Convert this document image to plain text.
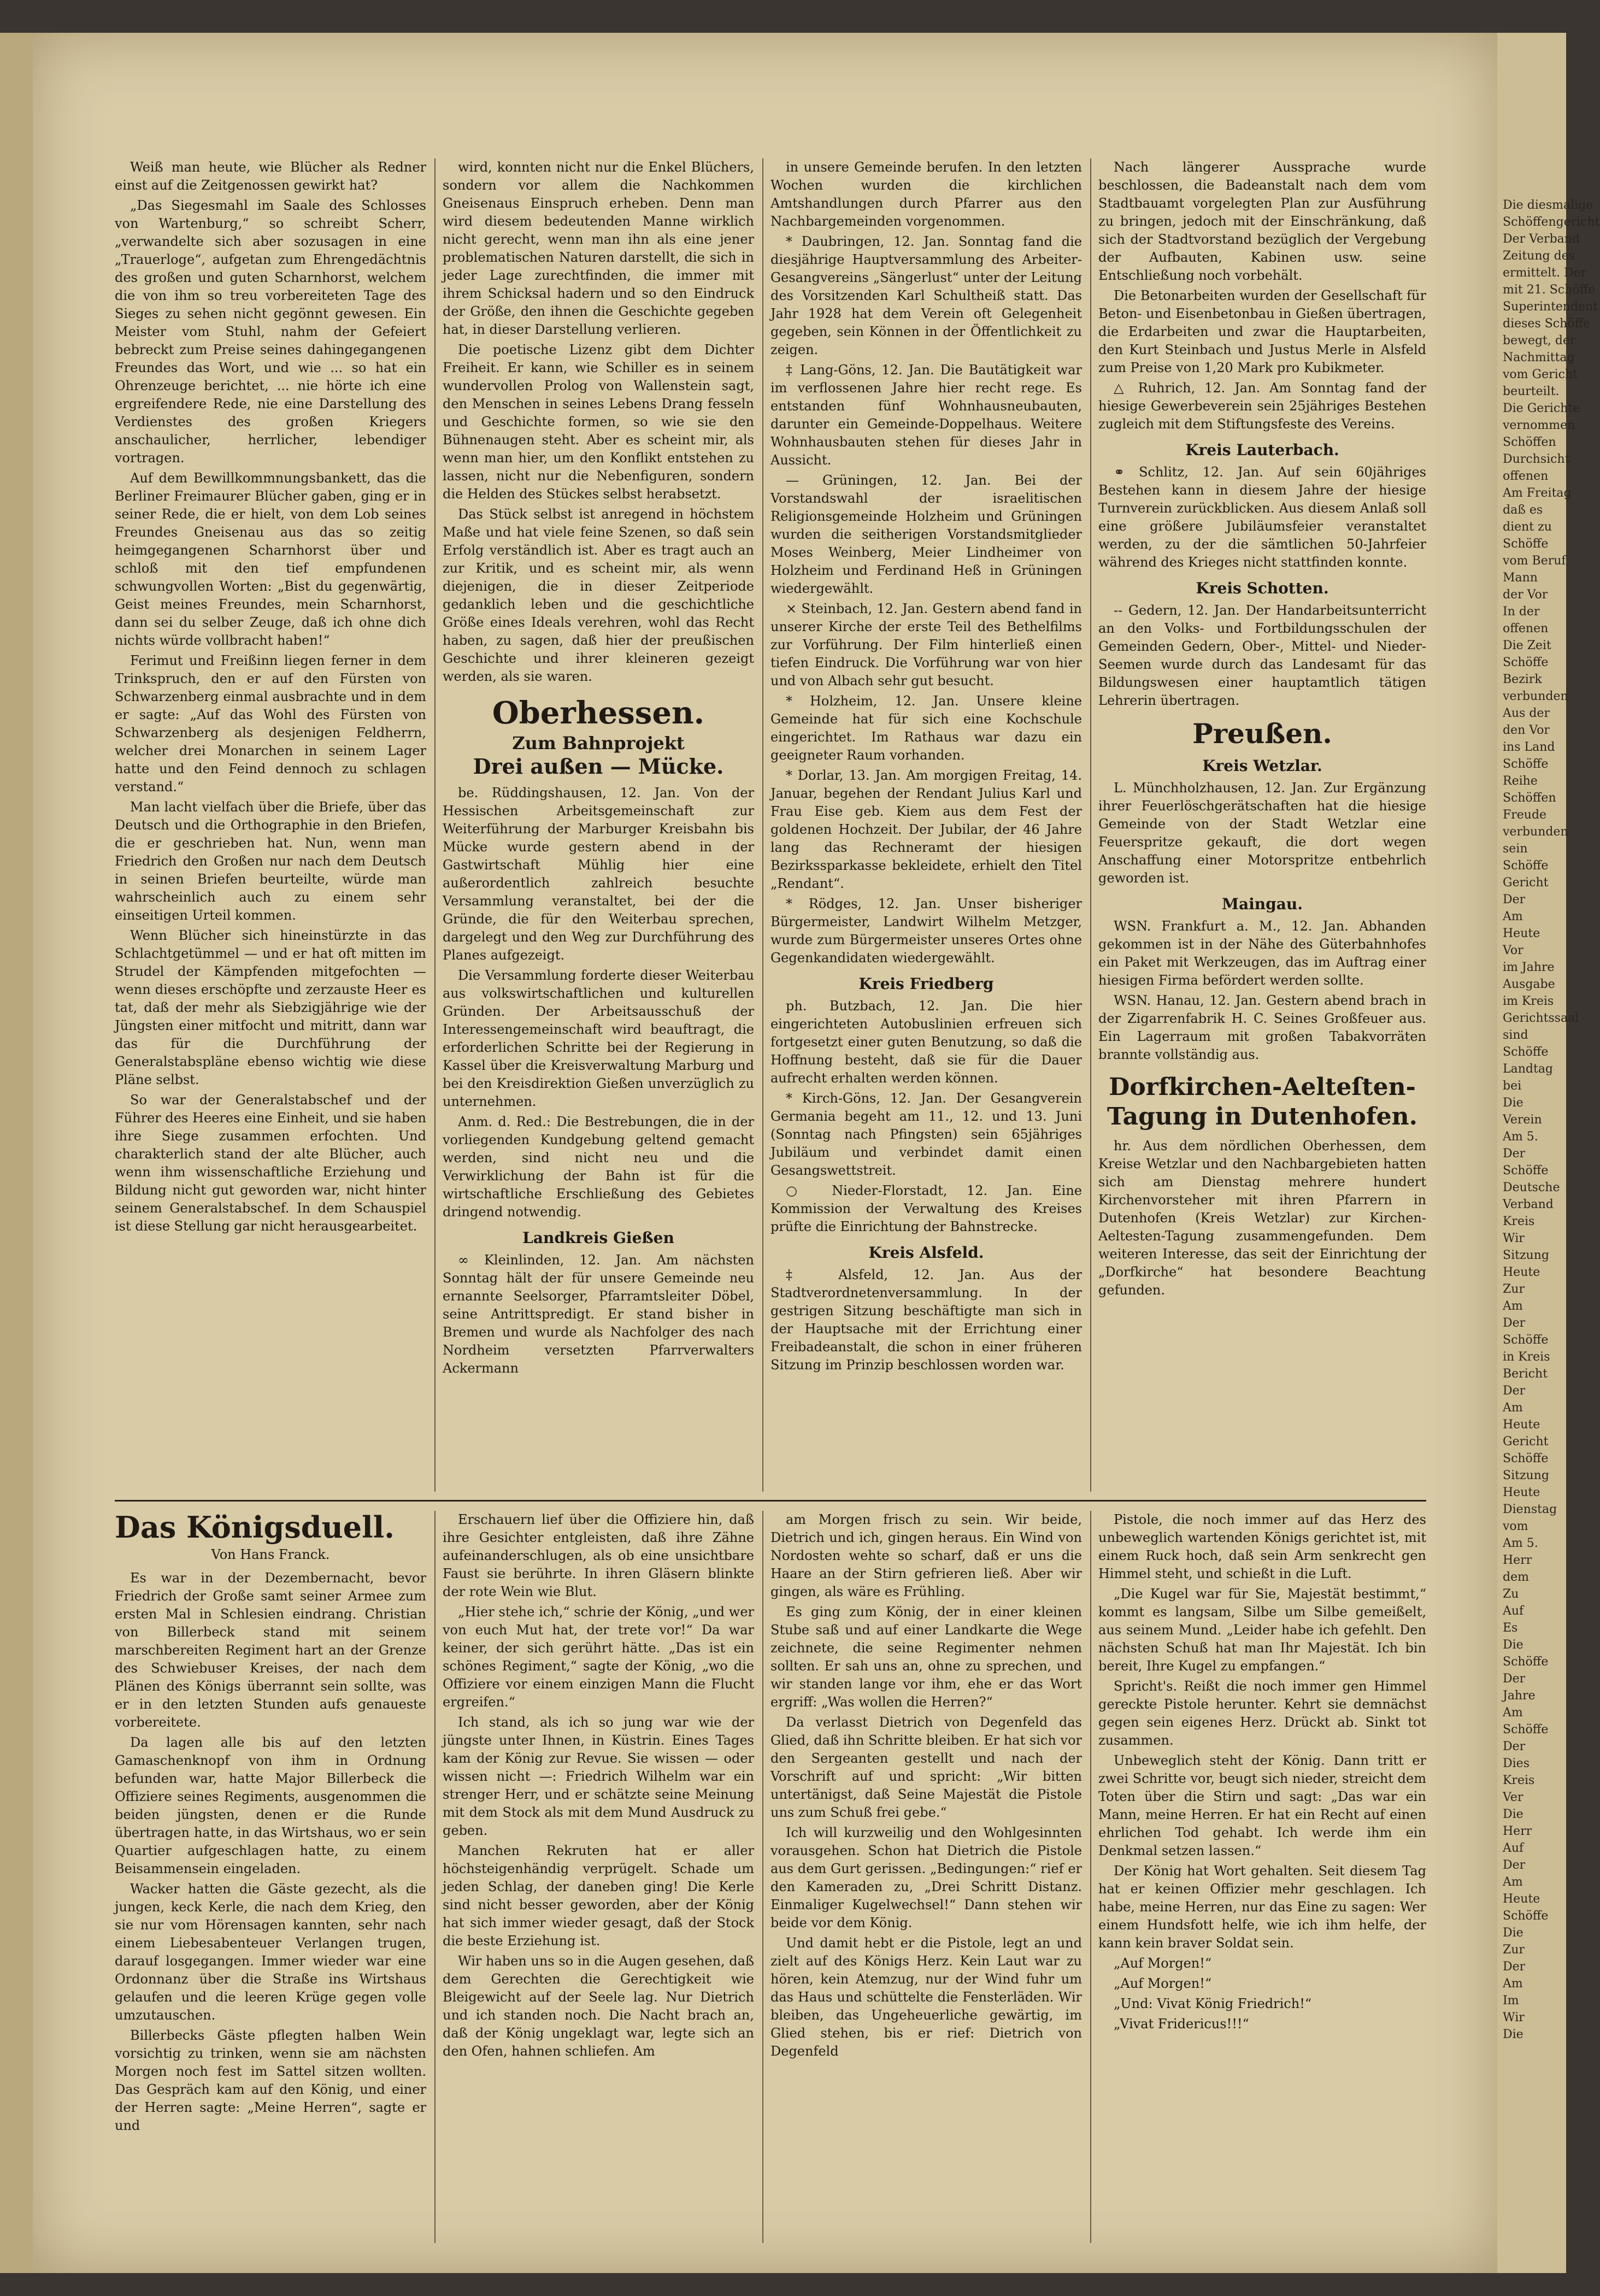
Weiß man heute, wie Blücher als Redner einst auf die Zeitgenossen gewirkt hat?

„Das Siegesmahl im Saale des Schlosses von Wartenburg,“ so schreibt Scherr, „verwandelte sich aber sozusagen in eine „Trauerloge“, aufgetan zum Ehrengedächtnis des großen und guten Scharnhorst, welchem die von ihm so treu vorbereiteten Tage des Sieges zu sehen nicht gegönnt gewesen. Ein Meister vom Stuhl, nahm der Gefeiert bebreckt zum Preise seines dahingegangenen Freundes das Wort, und wie ... so hat ein Ohrenzeuge berichtet, ... nie hörte ich eine ergreifendere Rede, nie eine Darstellung des Verdienstes des großen Kriegers anschaulicher, herrlicher, lebendiger vortragen.

Auf dem Bewillkommnungsbankett, das die Berliner Freimaurer Blücher gaben, ging er in seiner Rede, die er hielt, von dem Lob seines Freundes Gneisenau aus das so zeitig heimgegangenen Scharnhorst über und schloß mit den tief empfundenen schwungvollen Worten: „Bist du gegenwärtig, Geist meines Freundes, mein Scharnhorst, dann sei du selber Zeuge, daß ich ohne dich nichts würde vollbracht haben!“

Ferimut und Freißinn liegen ferner in dem Trinkspruch, den er auf den Fürsten von Schwarzenberg einmal ausbrachte und in dem er sagte: „Auf das Wohl des Fürsten von Schwarzenberg als desjenigen Feldherrn, welcher drei Monarchen in seinem Lager hatte und den Feind dennoch zu schlagen verstand.“

Man lacht vielfach über die Briefe, über das Deutsch und die Orthographie in den Briefen, die er geschrieben hat. Nun, wenn man Friedrich den Großen nur nach dem Deutsch in seinen Briefen beurteilte, würde man wahrscheinlich auch zu einem sehr einseitigen Urteil kommen.

Wenn Blücher sich hineinstürzte in das Schlachtgetümmel — und er hat oft mitten im Strudel der Kämpfenden mitgefochten — wenn dieses erschöpfte und zerzauste Heer es tat, daß der mehr als Siebzigjährige wie der Jüngsten einer mitfocht und mitritt, dann war das für die Durchführung der Generalstabspläne ebenso wichtig wie diese Pläne selbst.

So war der Generalstabschef und der Führer des Heeres eine Einheit, und sie haben ihre Siege zusammen erfochten. Und charakterlich stand der alte Blücher, auch wenn ihm wissenschaftliche Erziehung und Bildung nicht gut geworden war, nicht hinter seinem Generalstabschef. In dem Schauspiel ist diese Stellung gar nicht herausgearbeitet.

wird, konnten nicht nur die Enkel Blüchers, sondern vor allem die Nachkommen Gneisenaus Einspruch erheben. Denn man wird diesem bedeutenden Manne wirklich nicht gerecht, wenn man ihn als eine jener problematischen Naturen darstellt, die sich in jeder Lage zurechtfinden, die immer mit ihrem Schicksal hadern und so den Eindruck der Größe, den ihnen die Geschichte gegeben hat, in dieser Darstellung verlieren.

Die poetische Lizenz gibt dem Dichter Freiheit. Er kann, wie Schiller es in seinem wundervollen Prolog von Wallenstein sagt, den Menschen in seines Lebens Drang fesseln und Geschichte formen, so wie sie den Bühnenaugen steht. Aber es scheint mir, als wenn man hier, um den Konflikt entstehen zu lassen, nicht nur die Nebenfiguren, sondern die Helden des Stückes selbst herabsetzt.

Das Stück selbst ist anregend in höchstem Maße und hat viele feine Szenen, so daß sein Erfolg verständlich ist. Aber es tragt auch an zur Kritik, und es scheint mir, als wenn diejenigen, die in dieser Zeitperiode gedanklich leben und die geschichtliche Größe eines Ideals verehren, wohl das Recht haben, zu sagen, daß hier der preußischen Geschichte und ihrer kleineren gezeigt werden, als sie waren.

Oberhessen.
Zum Bahnprojekt
Drei außen — Mücke.

be. Rüddingshausen, 12. Jan. Von der Hessischen Arbeitsgemeinschaft zur Weiterführung der Marburger Kreisbahn bis Mücke wurde gestern abend in der Gastwirtschaft Mühlig hier eine außerordentlich zahlreich besuchte Versammlung veranstaltet, bei der die Gründe, die für den Weiterbau sprechen, dargelegt und den Weg zur Durchführung des Planes aufgezeigt.

Die Versammlung forderte dieser Weiterbau aus volkswirtschaftlichen und kulturellen Gründen. Der Arbeitsausschuß der Interessengemeinschaft wird beauftragt, die erforderlichen Schritte bei der Regierung in Kassel über die Kreisverwaltung Marburg und bei den Kreisdirektion Gießen unverzüglich zu unternehmen.

Anm. d. Red.: Die Bestrebungen, die in der vorliegenden Kundgebung geltend gemacht werden, sind nicht neu und die Verwirklichung der Bahn ist für die wirtschaftliche Erschließung des Gebietes dringend notwendig.

Landkreis Gießen

∞ Kleinlinden, 12. Jan. Am nächsten Sonntag hält der für unsere Gemeinde neu ernannte Seelsorger, Pfarramtsleiter Döbel, seine Antrittspredigt. Er stand bisher in Bremen und wurde als Nachfolger des nach Nordheim versetzten Pfarrverwalters Ackermann

in unsere Gemeinde berufen. In den letzten Wochen wurden die kirchlichen Amtshandlungen durch Pfarrer aus den Nachbargemeinden vorgenommen.

* Daubringen, 12. Jan. Sonntag fand die diesjährige Hauptversammlung des Arbeiter-Gesangvereins „Sängerlust“ unter der Leitung des Vorsitzenden Karl Schultheiß statt. Das Jahr 1928 hat dem Verein oft Gelegenheit gegeben, sein Können in der Öffentlichkeit zu zeigen.

‡ Lang-Göns, 12. Jan. Die Bautätigkeit war im verflossenen Jahre hier recht rege. Es entstanden fünf Wohnhausneubauten, darunter ein Gemeinde-Doppelhaus. Weitere Wohnhausbauten stehen für dieses Jahr in Aussicht.

— Grüningen, 12. Jan. Bei der Vorstandswahl der israelitischen Religionsgemeinde Holzheim und Grüningen wurden die seitherigen Vorstandsmitglieder Moses Weinberg, Meier Lindheimer von Holzheim und Ferdinand Heß in Grüningen wiedergewählt.

× Steinbach, 12. Jan. Gestern abend fand in unserer Kirche der erste Teil des Bethelfilms zur Vorführung. Der Film hinterließ einen tiefen Eindruck. Die Vorführung war von hier und von Albach sehr gut besucht.

* Holzheim, 12. Jan. Unsere kleine Gemeinde hat für sich eine Kochschule eingerichtet. Im Rathaus war dazu ein geeigneter Raum vorhanden.

* Dorlar, 13. Jan. Am morgigen Freitag, 14. Januar, begehen der Rendant Julius Karl und Frau Eise geb. Kiem aus dem Fest der goldenen Hochzeit. Der Jubilar, der 46 Jahre lang das Rechneramt der hiesigen Bezirkssparkasse bekleidete, erhielt den Titel „Rendant“.

* Rödges, 12. Jan. Unser bisheriger Bürgermeister, Landwirt Wilhelm Metzger, wurde zum Bürgermeister unseres Ortes ohne Gegenkandidaten wiedergewählt.

Kreis Friedberg

ph. Butzbach, 12. Jan. Die hier eingerichteten Autobuslinien erfreuen sich fortgesetzt einer guten Benutzung, so daß die Hoffnung besteht, daß sie für die Dauer aufrecht erhalten werden können.

* Kirch-Göns, 12. Jan. Der Gesangverein Germania begeht am 11., 12. und 13. Juni (Sonntag nach Pfingsten) sein 65jähriges Jubiläum und verbindet damit einen Gesangswettstreit.

○ Nieder-Florstadt, 12. Jan. Eine Kommission der Verwaltung des Kreises prüfte die Einrichtung der Bahnstrecke.

Kreis Alsfeld.

‡ Alsfeld, 12. Jan. Aus der Stadtverordnetenversammlung. In der gestrigen Sitzung beschäftigte man sich in der Hauptsache mit der Errichtung einer Freibadeanstalt, die schon in einer früheren Sitzung im Prinzip beschlossen worden war.

Nach längerer Aussprache wurde beschlossen, die Badeanstalt nach dem vom Stadtbauamt vorgelegten Plan zur Ausführung zu bringen, jedoch mit der Einschränkung, daß sich der Stadtvorstand bezüglich der Vergebung der Aufbauten, Kabinen usw. seine Entschließung noch vorbehält.

Die Betonarbeiten wurden der Gesellschaft für Beton- und Eisenbetonbau in Gießen übertragen, die Erdarbeiten und zwar die Hauptarbeiten, den Kurt Steinbach und Justus Merle in Alsfeld zum Preise von 1,20 Mark pro Kubikmeter.

△ Ruhrich, 12. Jan. Am Sonntag fand der hiesige Gewerbeverein sein 25jähriges Bestehen zugleich mit dem Stiftungsfeste des Vereins.

Kreis Lauterbach.

⚭ Schlitz, 12. Jan. Auf sein 60jähriges Bestehen kann in diesem Jahre der hiesige Turnverein zurückblicken. Aus diesem Anlaß soll eine größere Jubiläumsfeier veranstaltet werden, zu der die sämtlichen 50-Jahrfeier während des Krieges nicht stattfinden konnte.

Kreis Schotten.

-- Gedern, 12. Jan. Der Handarbeitsunterricht an den Volks- und Fortbildungsschulen der Gemeinden Gedern, Ober-, Mittel- und Nieder-Seemen wurde durch das Landesamt für das Bildungswesen einer hauptamtlich tätigen Lehrerin übertragen.

Preußen.
Kreis Wetzlar.

L. Münchholzhausen, 12. Jan. Zur Ergänzung ihrer Feuerlöschgerätschaften hat die hiesige Gemeinde von der Stadt Wetzlar eine Feuerspritze gekauft, die dort wegen Anschaffung einer Motorspritze entbehrlich geworden ist.

Maingau.

WSN. Frankfurt a. M., 12. Jan. Abhanden gekommen ist in der Nähe des Güterbahnhofes ein Paket mit Werkzeugen, das im Auftrag einer hiesigen Firma befördert werden sollte.

WSN. Hanau, 12. Jan. Gestern abend brach in der Zigarrenfabrik H. C. Seines Großfeuer aus. Ein Lagerraum mit großen Tabakvorräten brannte vollständig aus.

Dorfkirchen-Aelteſten-Tagung in Dutenhofen.

hr. Aus dem nördlichen Oberhessen, dem Kreise Wetzlar und den Nachbargebieten hatten sich am Dienstag mehrere hundert Kirchenvorsteher mit ihren Pfarrern in Dutenhofen (Kreis Wetzlar) zur Kirchen-Aeltesten-Tagung zusammengefunden. Dem weiteren Interesse, das seit der Einrichtung der „Dorfkirche“ hat besondere Beachtung gefunden.

Das Königsduell.
Von Hans Franck.

Es war in der Dezembernacht, bevor Friedrich der Große samt seiner Armee zum ersten Mal in Schlesien eindrang. Christian von Billerbeck stand mit seinem marschbereiten Regiment hart an der Grenze des Schwiebuser Kreises, der nach dem Plänen des Königs überrannt sein sollte, was er in den letzten Stunden aufs genaueste vorbereitete.

Da lagen alle bis auf den letzten Gamaschenknopf von ihm in Ordnung befunden war, hatte Major Billerbeck die Offiziere seines Regiments, ausgenommen die beiden jüngsten, denen er die Runde übertragen hatte, in das Wirtshaus, wo er sein Quartier aufgeschlagen hatte, zu einem Beisammensein eingeladen.

Wacker hatten die Gäste gezecht, als die jungen, keck Kerle, die nach dem Krieg, den sie nur vom Hörensagen kannten, sehr nach einem Liebesabenteuer Verlangen trugen, darauf losgegangen. Immer wieder war eine Ordonnanz über die Straße ins Wirtshaus gelaufen und die leeren Krüge gegen volle umzutauschen.

Billerbecks Gäste pflegten halben Wein vorsichtig zu trinken, wenn sie am nächsten Morgen noch fest im Sattel sitzen wollten. Das Gespräch kam auf den König, und einer der Herren sagte: „Meine Herren“, sagte er und

Erschauern lief über die Offiziere hin, daß ihre Gesichter entgleisten, daß ihre Zähne aufeinanderschlugen, als ob eine unsichtbare Faust sie berührte. In ihren Gläsern blinkte der rote Wein wie Blut.

„Hier stehe ich,“ schrie der König, „und wer von euch Mut hat, der trete vor!“ Da war keiner, der sich gerührt hätte. „Das ist ein schönes Regiment,“ sagte der König, „wo die Offiziere vor einem einzigen Mann die Flucht ergreifen.“

Ich stand, als ich so jung war wie der jüngste unter Ihnen, in Küstrin. Eines Tages kam der König zur Revue. Sie wissen — oder wissen nicht —: Friedrich Wilhelm war ein strenger Herr, und er schätzte seine Meinung mit dem Stock als mit dem Mund Ausdruck zu geben.

Manchen Rekruten hat er aller höchsteigenhändig verprügelt. Schade um jeden Schlag, der daneben ging! Die Kerle sind nicht besser geworden, aber der König hat sich immer wieder gesagt, daß der Stock die beste Erziehung ist.

Wir haben uns so in die Augen gesehen, daß dem Gerechten die Gerechtigkeit wie Bleigewicht auf der Seele lag. Nur Dietrich und ich standen noch. Die Nacht brach an, daß der König ungeklagt war, legte sich an den Ofen, hahnen schliefen. Am

am Morgen frisch zu sein. Wir beide, Dietrich und ich, gingen heraus. Ein Wind von Nordosten wehte so scharf, daß er uns die Haare an der Stirn gefrieren ließ. Aber wir gingen, als wäre es Frühling.

Es ging zum König, der in einer kleinen Stube saß und auf einer Landkarte die Wege zeichnete, die seine Regimenter nehmen sollten. Er sah uns an, ohne zu sprechen, und wir standen lange vor ihm, ehe er das Wort ergriff: „Was wollen die Herren?“

Da verlasst Dietrich von Degenfeld das Glied, daß ihn Schritte bleiben. Er hat sich vor den Sergeanten gestellt und nach der Vorschrift auf und spricht: „Wir bitten untertänigst, daß Seine Majestät die Pistole uns zum Schuß frei gebe.“

Ich will kurzweilig und den Wohlgesinnten vorausgehen. Schon hat Dietrich die Pistole aus dem Gurt gerissen. „Bedingungen:“ rief er den Kameraden zu, „Drei Schritt Distanz. Einmaliger Kugelwechsel!“ Dann stehen wir beide vor dem König.

Und damit hebt er die Pistole, legt an und zielt auf des Königs Herz. Kein Laut war zu hören, kein Atemzug, nur der Wind fuhr um das Haus und schüttelte die Fensterläden. Wir bleiben, das Ungeheuerliche gewärtig, im Glied stehen, bis er rief: Dietrich von Degenfeld

Pistole, die noch immer auf das Herz des unbeweglich wartenden Königs gerichtet ist, mit einem Ruck hoch, daß sein Arm senkrecht gen Himmel steht, und schießt in die Luft.

„Die Kugel war für Sie, Majestät bestimmt,“ kommt es langsam, Silbe um Silbe gemeißelt, aus seinem Mund. „Leider habe ich gefehlt. Den nächsten Schuß hat man Ihr Majestät. Ich bin bereit, Ihre Kugel zu empfangen.“

Spricht's. Reißt die noch immer gen Himmel gereckte Pistole herunter. Kehrt sie demnächst gegen sein eigenes Herz. Drückt ab. Sinkt tot zusammen.

Unbeweglich steht der König. Dann tritt er zwei Schritte vor, beugt sich nieder, streicht dem Toten über die Stirn und sagt: „Das war ein Mann, meine Herren. Er hat ein Recht auf einen ehrlichen Tod gehabt. Ich werde ihm ein Denkmal setzen lassen.“

Der König hat Wort gehalten. Seit diesem Tag hat er keinen Offizier mehr geschlagen. Ich habe, meine Herren, nur das Eine zu sagen: Wer einem Hundsfott helfe, wie ich ihm helfe, der kann kein braver Soldat sein.

„Auf Morgen!“

„Auf Morgen!“

„Und: Vivat König Friedrich!“

„Vivat Fridericus!!!“

Die diesmalige
Schöffengericht
Der Verband
Zeitung des
ermittelt. Der
mit 21. Schöffe
Superintendent
dieses Schöffe
bewegt, der
Nachmittag
vom Gericht
beurteilt.
Die Gerichte
vernommen
Schöffen
Durchsicht
offenen
Am Freitag
daß es
dient zu
Schöffe
vom Beruf
Mann
der Vor
In der
offenen
Die Zeit
Schöffe
Bezirk
verbunden
Aus der
den Vor
ins Land
Schöffe
Reihe
Schöffen
Freude
verbunden
sein
Schöffe
Gericht
Der
Am
Heute
Vor
im Jahre
Ausgabe
im Kreis
Gerichtssaal
sind
Schöffe
Landtag
bei
Die
Verein
Am 5.
Der
Schöffe
Deutsche
Verband
Kreis
Wir
Sitzung
Heute
Zur
Am
Der
Schöffe
in Kreis
Bericht
Der
Am
Heute
Gericht
Schöffe
Sitzung
Heute
Dienstag
vom
Am 5.
Herr
dem
Zu
Auf
Es
Die
Schöffe
Der
Jahre
Am
Schöffe
Der
Dies
Kreis
Ver
Die
Herr
Auf
Der
Am
Heute
Schöffe
Die
Zur
Der
Am
Im
Wir
Die
